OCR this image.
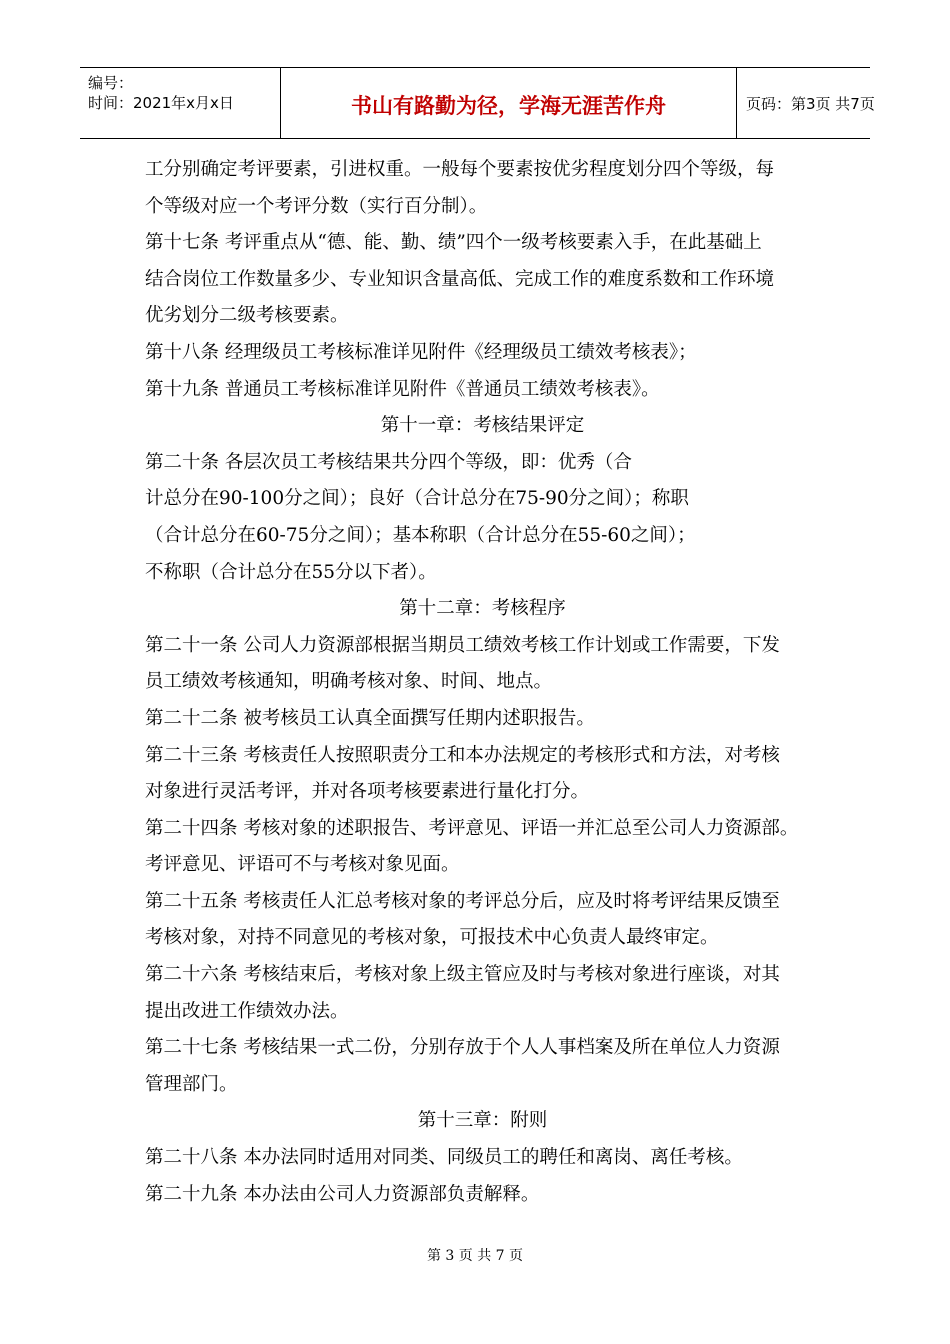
编号：
时间：2021年x月x日	书山有路勤为径，学海无涯苦作舟	页码：第3页 共7页
工分别确定考评要素，引进权重。一般每个要素按优劣程度划分四个等级，每
个等级对应一个考评分数（实行百分制）。
第十七条 考评重点从“德、能、勤、绩”四个一级考核要素入手，在此基础上
结合岗位工作数量多少、专业知识含量高低、完成工作的难度系数和工作环境
优劣划分二级考核要素。
第十八条 经理级员工考核标准详见附件《经理级员工绩效考核表》；
第十九条 普通员工考核标准详见附件《普通员工绩效考核表》。
第十一章：考核结果评定
第二十条 各层次员工考核结果共分四个等级，即：优秀（合
计总分在90-100分之间）；良好（合计总分在75-90分之间）；称职
（合计总分在60-75分之间）；基本称职（合计总分在55-60之间）；
不称职（合计总分在55分以下者）。
第十二章：考核程序
第二十一条 公司人力资源部根据当期员工绩效考核工作计划或工作需要，下发
员工绩效考核通知，明确考核对象、时间、地点。
第二十二条 被考核员工认真全面撰写任期内述职报告。
第二十三条 考核责任人按照职责分工和本办法规定的考核形式和方法，对考核
对象进行灵活考评，并对各项考核要素进行量化打分。
第二十四条 考核对象的述职报告、考评意见、评语一并汇总至公司人力资源部。
考评意见、评语可不与考核对象见面。
第二十五条 考核责任人汇总考核对象的考评总分后，应及时将考评结果反馈至
考核对象，对持不同意见的考核对象，可报技术中心负责人最终审定。
第二十六条 考核结束后，考核对象上级主管应及时与考核对象进行座谈，对其
提出改进工作绩效办法。
第二十七条 考核结果一式二份，分别存放于个人人事档案及所在单位人力资源
管理部门。
第十三章：附则
第二十八条 本办法同时适用对同类、同级员工的聘任和离岗、离任考核。
第二十九条 本办法由公司人力资源部负责解释。
第 3 页 共 7 页
